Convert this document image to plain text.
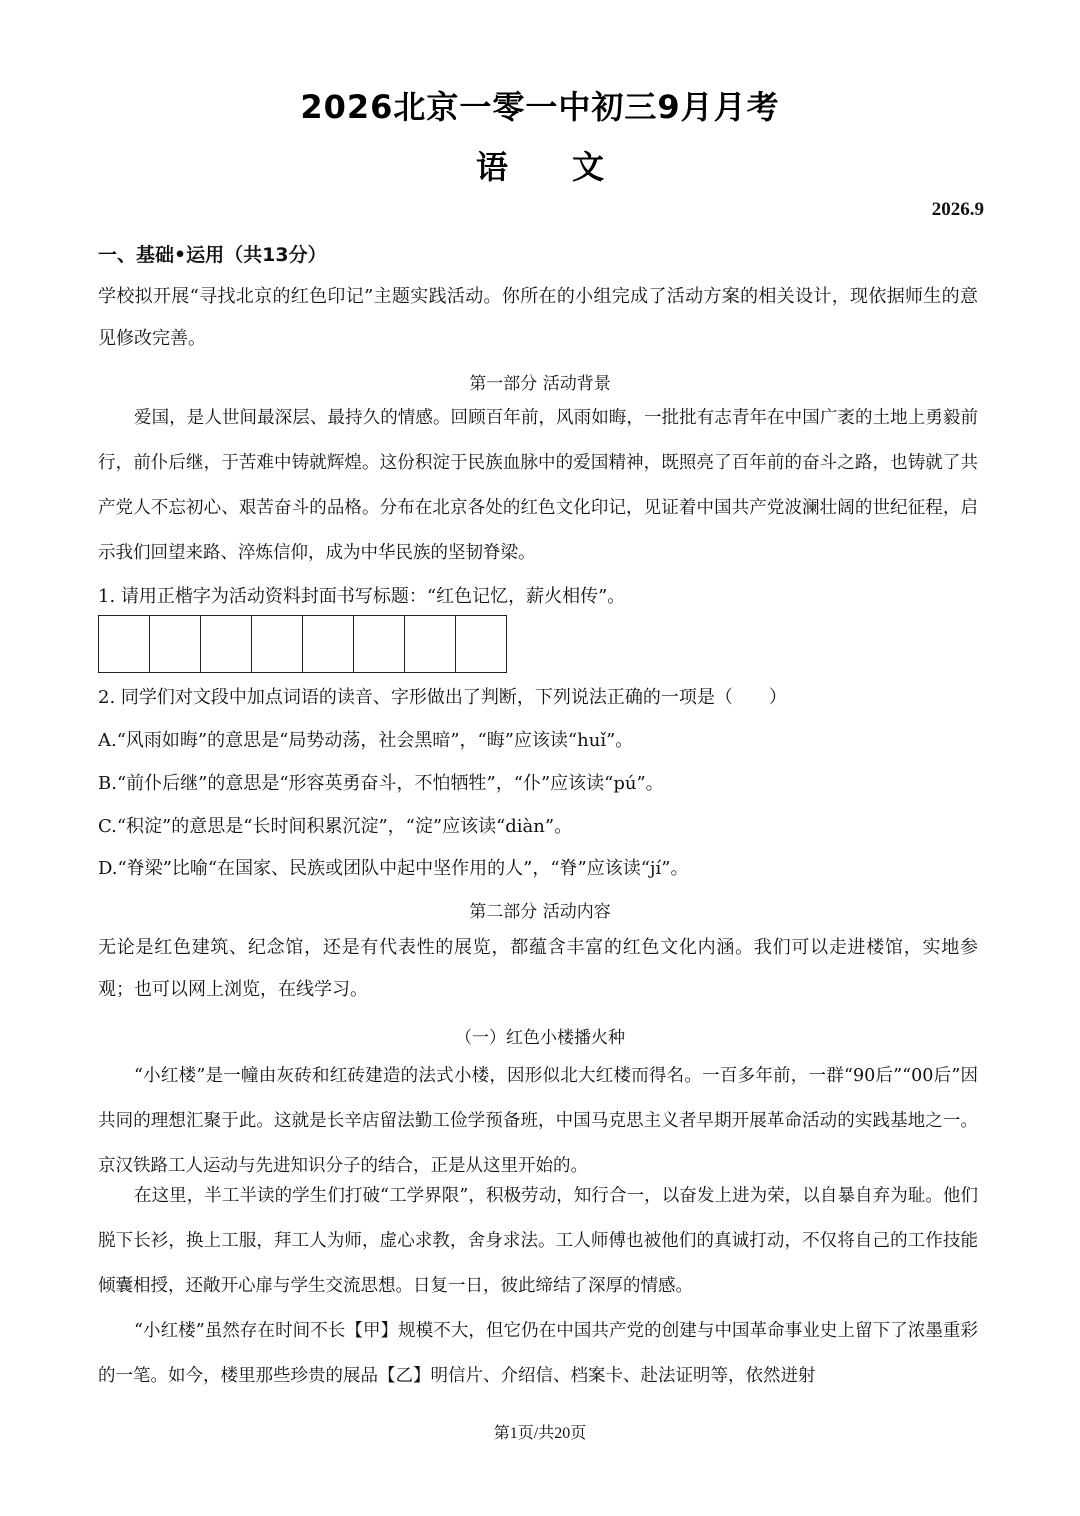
2026北京一零一中初三9月月考
语　　文
2026.9
一、基础•运用（共13分）
学校拟开展“寻找北京的红色印记”主题实践活动。你所在的小组完成了活动方案的相关设计，现依据师生的意见修改完善。
第一部分 活动背景
爱国，是人世间最深层、最持久的情感。回顾百年前，风雨如晦，一批批有志青年在中国广袤的土地上勇毅前行，前仆后继，于苦难中铸就辉煌。这份积淀于民族血脉中的爱国精神，既照亮了百年前的奋斗之路，也铸就了共产党人不忘初心、艰苦奋斗的品格。分布在北京各处的红色文化印记，见证着中国共产党波澜壮阔的世纪征程，启示我们回望来路、淬炼信仰，成为中华民族的坚韧脊梁。
1. 请用正楷字为活动资料封面书写标题：“红色记忆，薪火相传”。
2. 同学们对文段中加点词语的读音、字形做出了判断，下列说法正确的一项是（　　）
A.“风雨如晦”的意思是“局势动荡，社会黑暗”，“晦”应该读“huǐ”。
B.“前仆后继”的意思是“形容英勇奋斗，不怕牺牲”，“仆”应该读“pú”。
C.“积淀”的意思是“长时间积累沉淀”，“淀”应该读“diàn”。
D.“脊梁”比喻“在国家、民族或团队中起中坚作用的人”，“脊”应该读“jí”。
第二部分 活动内容
无论是红色建筑、纪念馆，还是有代表性的展览，都蕴含丰富的红色文化内涵。我们可以走进楼馆，实地参观；也可以网上浏览，在线学习。
（一）红色小楼播火种
“小红楼”是一幢由灰砖和红砖建造的法式小楼，因形似北大红楼而得名。一百多年前，一群“90后”“00后”因共同的理想汇聚于此。这就是长辛店留法勤工俭学预备班，中国马克思主义者早期开展革命活动的实践基地之一。京汉铁路工人运动与先进知识分子的结合，正是从这里开始的。
在这里，半工半读的学生们打破“工学界限”，积极劳动，知行合一，以奋发上进为荣，以自暴自弃为耻。他们脱下长衫，换上工服，拜工人为师，虚心求教，舍身求法。工人师傅也被他们的真诚打动，不仅将自己的工作技能倾囊相授，还敞开心扉与学生交流思想。日复一日，彼此缔结了深厚的情感。
“小红楼”虽然存在时间不长【甲】规模不大，但它仍在中国共产党的创建与中国革命事业史上留下了浓墨重彩的一笔。如今，楼里那些珍贵的展品【乙】明信片、介绍信、档案卡、赴法证明等，依然迸射
第1页/共20页
